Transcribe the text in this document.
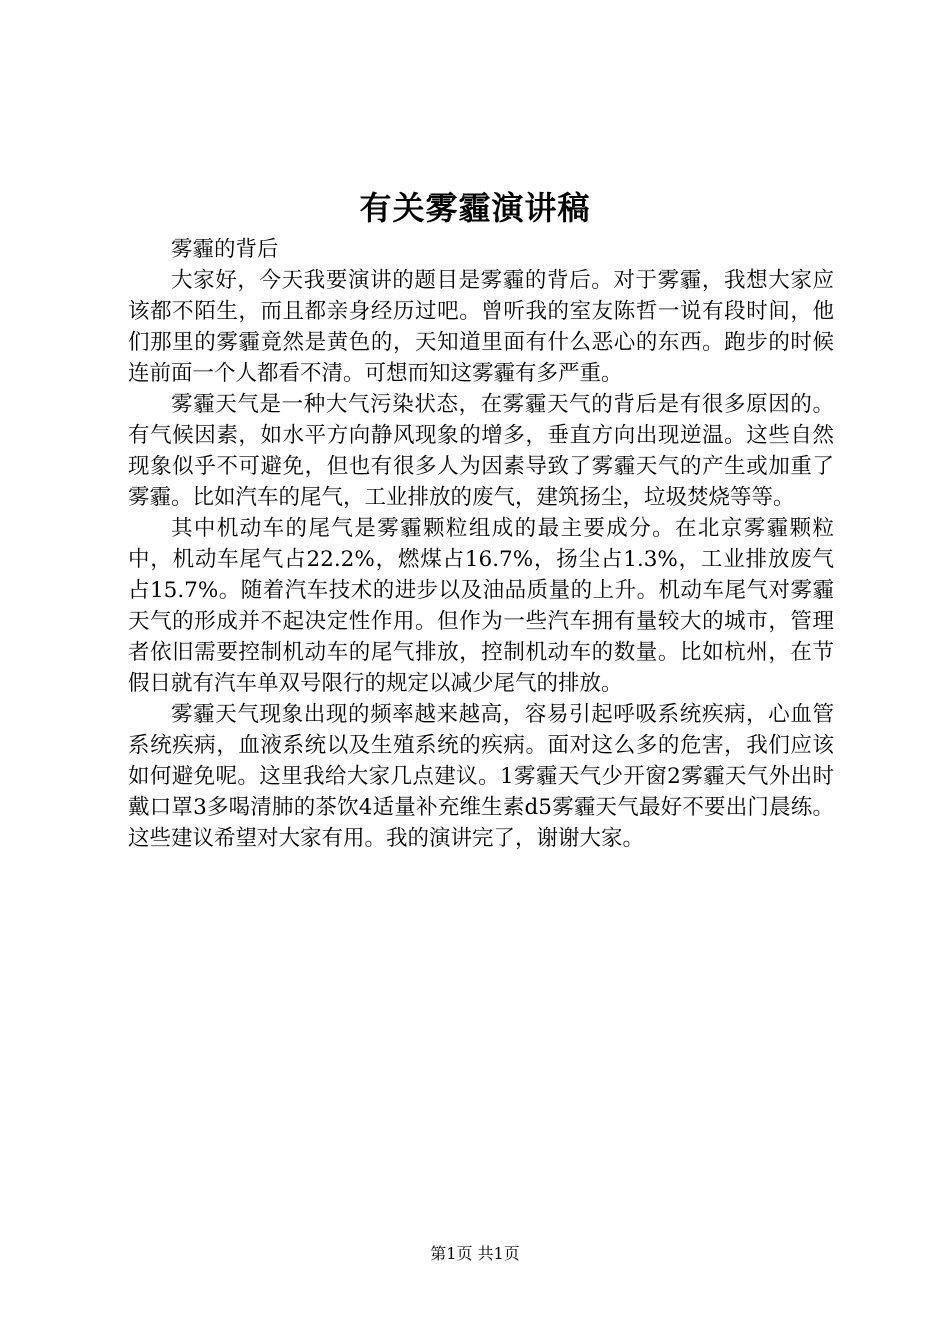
有关雾霾演讲稿

雾霾的背后

大家好，今天我要演讲的题目是雾霾的背后。对于雾霾，我想大家应该都不陌生，而且都亲身经历过吧。曾听我的室友陈哲一说有段时间，他们那里的雾霾竟然是黄色的，天知道里面有什么恶心的东西。跑步的时候连前面一个人都看不清。可想而知这雾霾有多严重。

雾霾天气是一种大气污染状态，在雾霾天气的背后是有很多原因的。有气候因素，如水平方向静风现象的增多，垂直方向出现逆温。这些自然现象似乎不可避免，但也有很多人为因素导致了雾霾天气的产生或加重了雾霾。比如汽车的尾气，工业排放的废气，建筑扬尘，垃圾焚烧等等。

其中机动车的尾气是雾霾颗粒组成的最主要成分。在北京雾霾颗粒中，机动车尾气占22.2%，燃煤占16.7%，扬尘占1.3%，工业排放废气占15.7%。随着汽车技术的进步以及油品质量的上升。机动车尾气对雾霾天气的形成并不起决定性作用。但作为一些汽车拥有量较大的城市，管理者依旧需要控制机动车的尾气排放，控制机动车的数量。比如杭州，在节假日就有汽车单双号限行的规定以减少尾气的排放。

雾霾天气现象出现的频率越来越高，容易引起呼吸系统疾病，心血管系统疾病，血液系统以及生殖系统的疾病。面对这么多的危害，我们应该如何避免呢。这里我给大家几点建议。1雾霾天气少开窗2雾霾天气外出时戴口罩3多喝清肺的茶饮4适量补充维生素d5雾霾天气最好不要出门晨练。这些建议希望对大家有用。我的演讲完了，谢谢大家。

第1页 共1页
